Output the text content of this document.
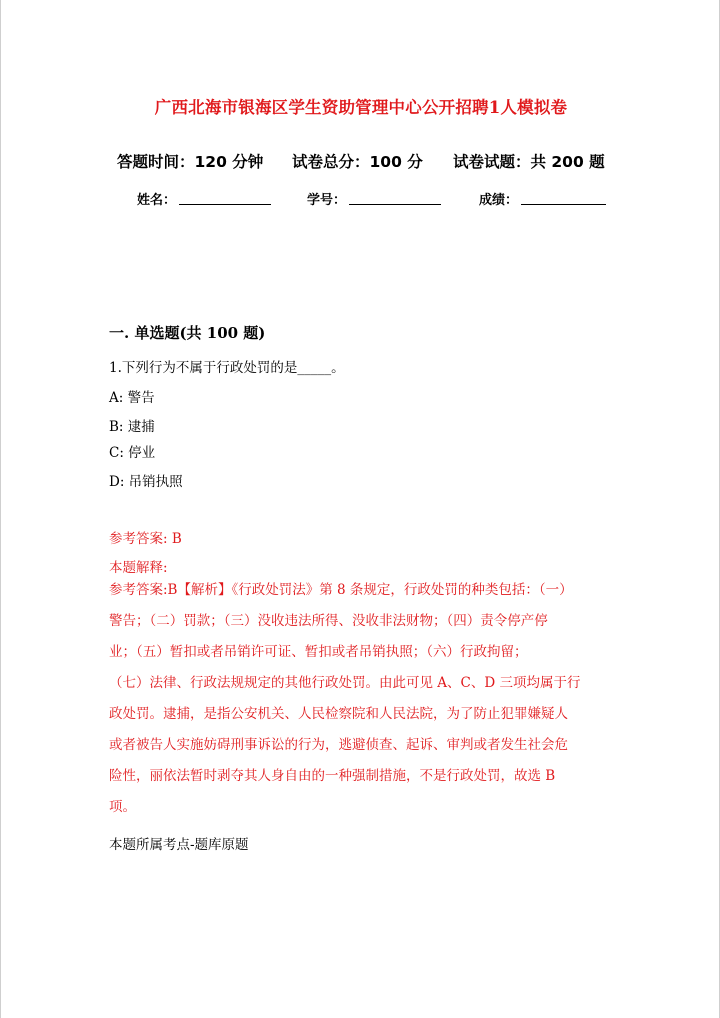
广西北海市银海区学生资助管理中心公开招聘1人模拟卷
答题时间：120 分钟 试卷总分：100 分 试卷试题：共 200 题
姓名：	学号：	成绩：
一. 单选题(共 100 题)
1.下列行为不属于行政处罚的是_____。
A: 警告
B: 逮捕
C: 停业
D: 吊销执照
参考答案: B
本题解释:
参考答案:B【解析】《行政处罚法》第 8 条规定，行政处罚的种类包括：（一）
警告；（二）罚款；（三）没收违法所得、没收非法财物；（四）责令停产停
业；（五）暂扣或者吊销许可证、暂扣或者吊销执照；（六）行政拘留；
（七）法律、行政法规规定的其他行政处罚。由此可见 A、C、D 三项均属于行
政处罚。逮捕，是指公安机关、人民检察院和人民法院，为了防止犯罪嫌疑人
或者被告人实施妨碍刑事诉讼的行为，逃避侦查、起诉、审判或者发生社会危
险性，丽依法暂时剥夺其人身自由的一种强制措施，不是行政处罚，故选 B
项。
本题所属考点-题库原题
